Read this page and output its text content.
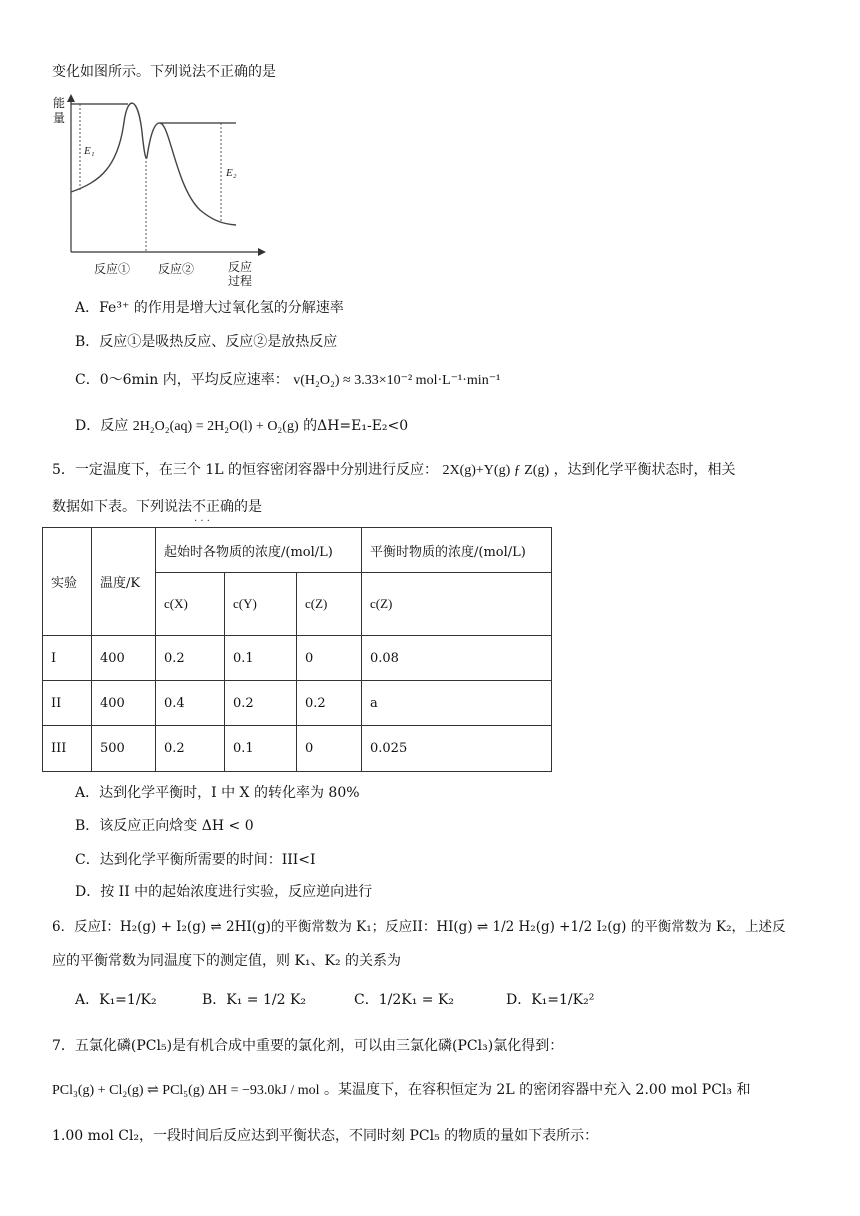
变化如图所示。下列说法不正确的是
E₁
E₂
能量
反应① 反应②	反应
过程
A．Fe³⁺ 的作用是增大过氧化氢的分解速率
B．反应①是吸热反应、反应②是放热反应
C．0～6min 内，平均反应速率： v(H₂O₂) ≈ 3.33×10⁻² mol·L⁻¹·min⁻¹
D．反应 2H₂O₂(aq) = 2H₂O(l) + O₂(g) 的ΔH=E₁-E₂<0
5．一定温度下，在三个 1L 的恒容密闭容器中分别进行反应： 2X(g)+Y(g) ƒ Z(g) ，达到化学平衡状态时，相关
数据如下表。下列说法不正确 · · ·的是
实验	温度/K	起始时各物质的浓度/(mol/L)			平衡时物质的浓度/(mol/L)
		c(X)	c(Y)	c(Z)	c(Z)
I	400	0.2	0.1	0	0.08
II	400	0.4	0.2	0.2	a
III	500	0.2	0.1	0	0.025
A．达到化学平衡时，I 中 X 的转化率为 80%
B．该反应正向焓变 ΔH < 0
C．达到化学平衡所需要的时间：III<I
D．按 II 中的起始浓度进行实验，反应逆向进行
6．反应I：H₂(g) + I₂(g) ⇌ 2HI(g)的平衡常数为 K₁；反应II：HI(g) ⇌ 1/2 H₂(g) +1/2 I₂(g) 的平衡常数为 K₂，上述反
应的平衡常数为同温度下的测定值，则 K₁、K₂ 的关系为
A．K₁=1/K₂	B．K₁ = 1/2 K₂	C．1/2K₁ = K₂	D．K₁=1/K₂²
7．五氯化磷(PCl₅)是有机合成中重要的氯化剂，可以由三氯化磷(PCl₃)氯化得到：
PCl₃(g) + Cl₂(g) ⇌ PCl₅(g) ΔH = −93.0kJ / mol 。某温度下，在容积恒定为 2L 的密闭容器中充入 2.00 mol PCl₃ 和
1.00 mol Cl₂，一段时间后反应达到平衡状态，不同时刻 PCl₅ 的物质的量如下表所示：
